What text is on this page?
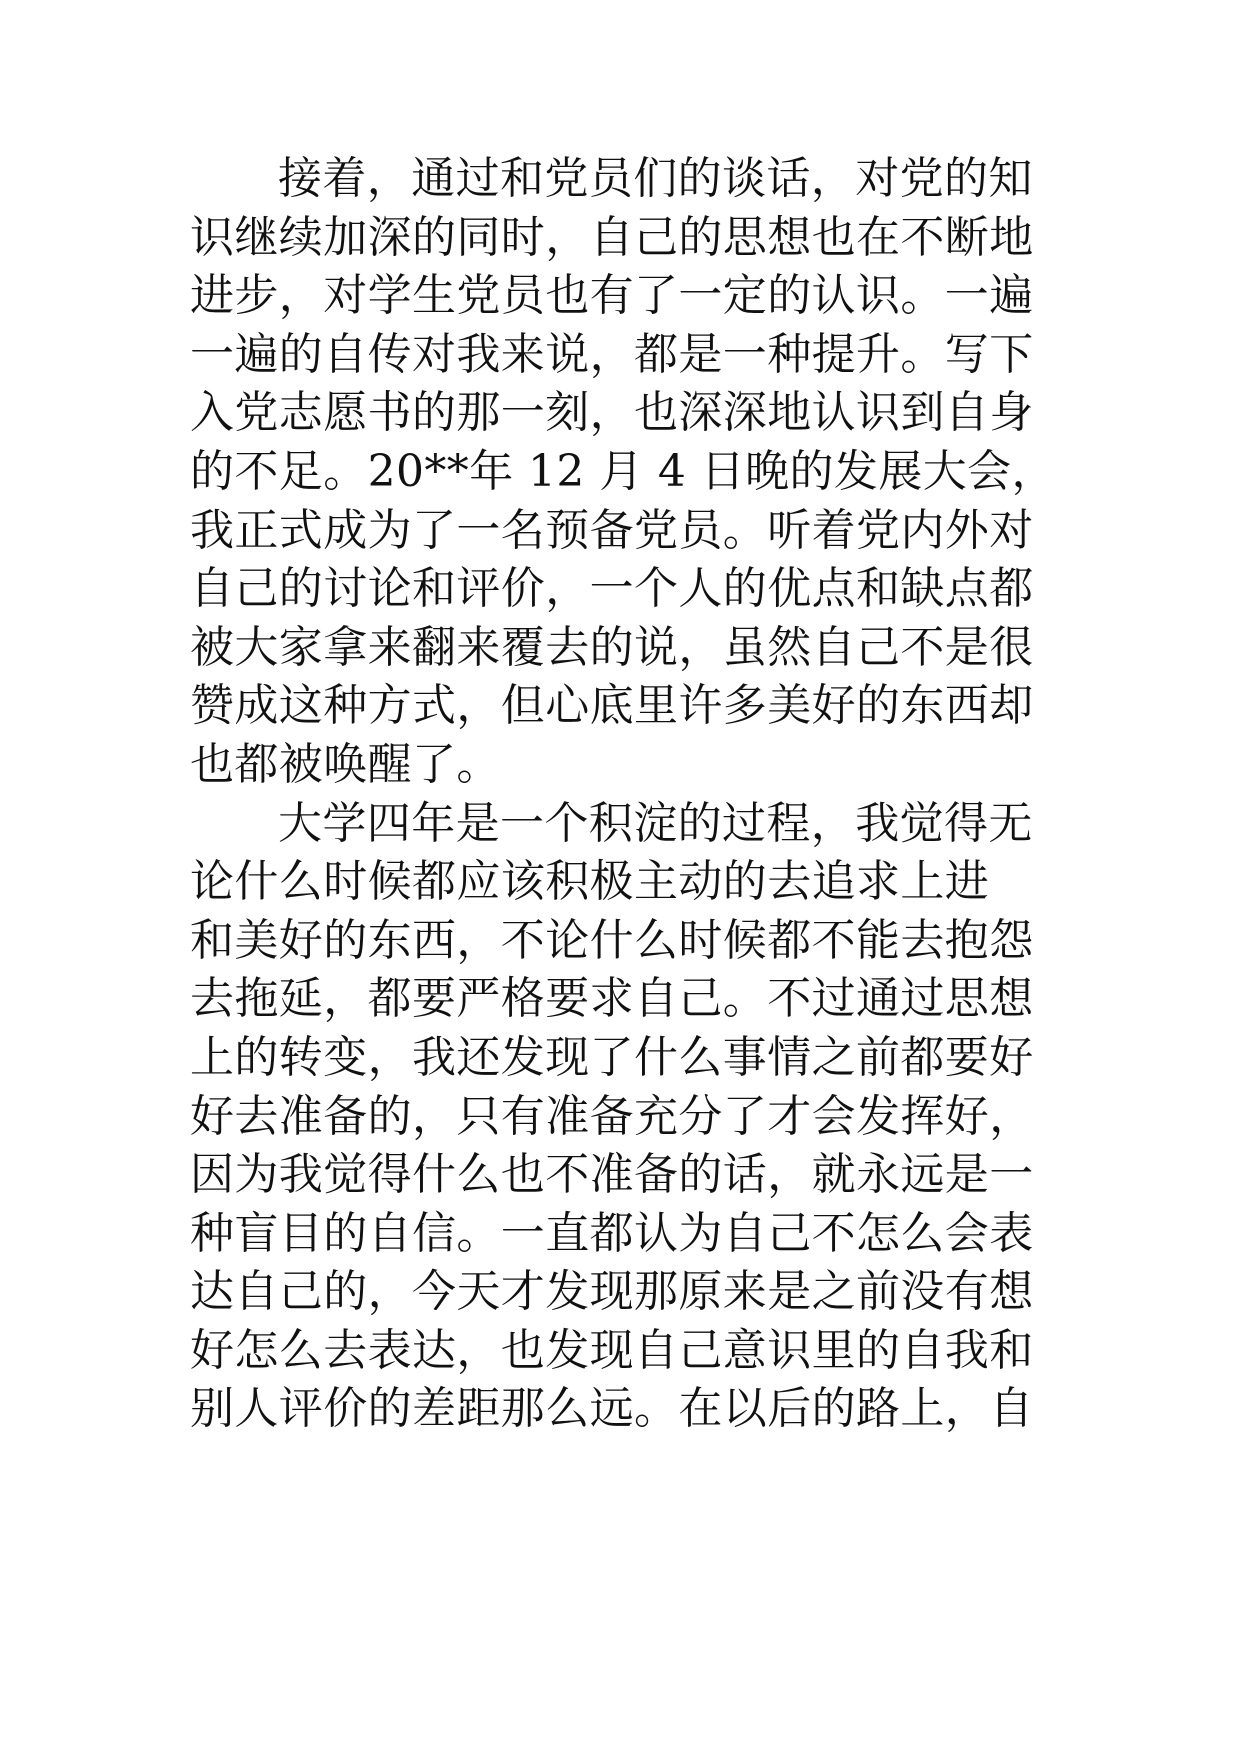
接着，通过和党员们的谈话，对党的知
识继续加深的同时，自己的思想也在不断地
进步，对学生党员也有了一定的认识。一遍
一遍的自传对我来说，都是一种提升。写下
入党志愿书的那一刻，也深深地认识到自身
的不足。20**年 12 月 4 日晚的发展大会，
我正式成为了一名预备党员。听着党内外对
自己的讨论和评价，一个人的优点和缺点都
被大家拿来翻来覆去的说，虽然自己不是很
赞成这种方式，但心底里许多美好的东西却
也都被唤醒了。
大学四年是一个积淀的过程，我觉得无
论什么时候都应该积极主动的去追求上进
和美好的东西，不论什么时候都不能去抱怨
去拖延，都要严格要求自己。不过通过思想
上的转变，我还发现了什么事情之前都要好
好去准备的，只有准备充分了才会发挥好，
因为我觉得什么也不准备的话，就永远是一
种盲目的自信。一直都认为自己不怎么会表
达自己的，今天才发现那原来是之前没有想
好怎么去表达，也发现自己意识里的自我和
别人评价的差距那么远。在以后的路上，自
